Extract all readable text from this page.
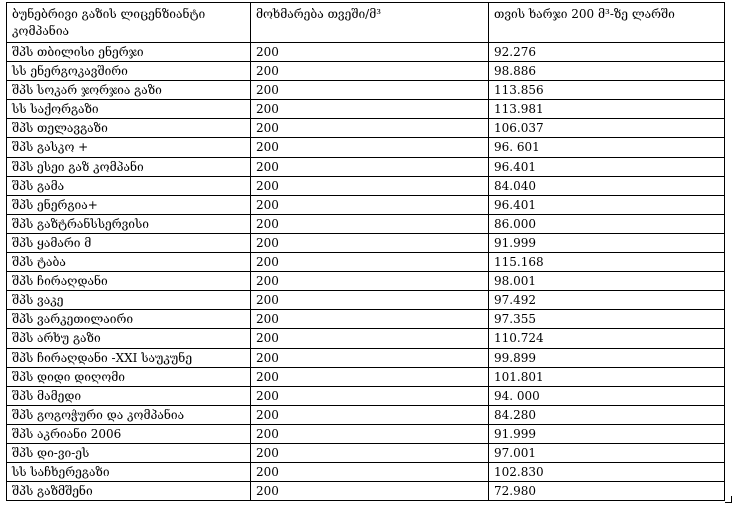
ბუნებრივი გაზის ლიცენზიანტი კომპანია	მოხმარება თვეში/მ³	თვის ხარჯი 200 მ³-ზე ლარში
შპს თბილისი ენერჯი	200	92.276
სს ენერგოკავშირი	200	98.886
შპს სოკარ ჯორჯია გაზი	200	113.856
სს საქორგაზი	200	113.981
შპს თელავგაზი	200	106.037
შპს გასკო +	200	96. 601
შპს ესეი გაზ კომპანი	200	96.401
შპს გამა	200	84.040
შპს ენერგია+	200	96.401
შპს გაზტრანსსერვისი	200	86.000
შპს ყამარი მ	200	91.999
შპს ტაბა	200	115.168
შპს ჩირაღდანი	200	98.001
შპს ვაკე	200	97.492
შპს ვარკეთილაირი	200	97.355
შპს არხუ გაზი	200	110.724
შპს ჩირაღდანი -XXI საუკუნე	200	99.899
შპს დიდი დიღომი	200	101.801
შპს მამედი	200	94. 000
შპს გოგოჭური და კომპანია	200	84.280
შპს აკრიანი 2006	200	91.999
შპს დი-ვი-ეს	200	97.001
სს საჩხერეგაზი	200	102.830
შპს გაზმშენი	200	72.980
